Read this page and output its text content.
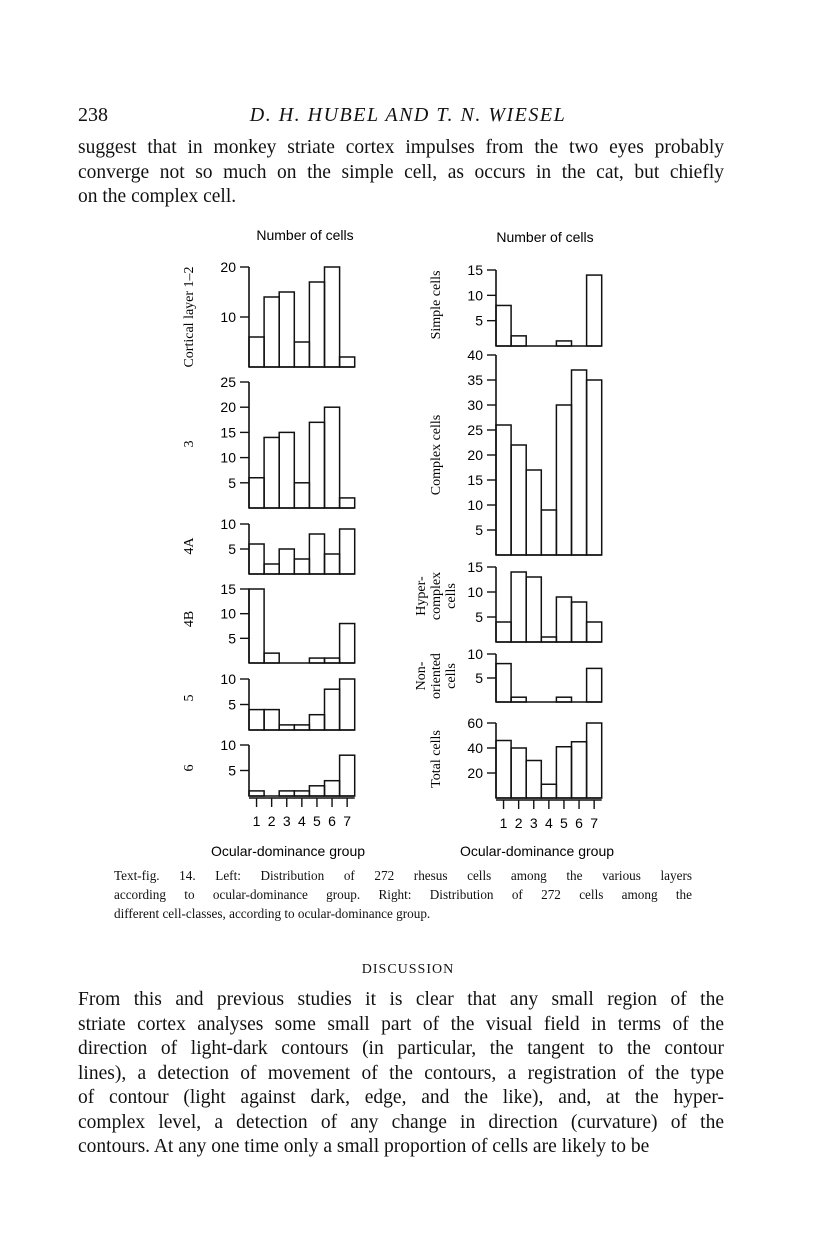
238	D. H. HUBEL AND T. N. WIESEL
suggest that in monkey striate cortex impulses from the two eyes probably
converge not so much on the simple cell, as occurs in the cat, but chiefly
on the complex cell.
Number of cells	Number of cells
Ocular-dominance group	Ocular-dominance group
10
20
Cortical layer 1–2
5
10
15
20
25
3
5
10
4A
5
10
15
4B
5
10
5
5
10
6
5
10
15
Simple cells
5
10
15
20
25
30
35
40
Complex cells
5
10
15
Hyper-complexcells
5
10
Non-orientedcells
20
40
60
Total cells
1 2 3 4 5 6 7	1 2 3 4 5 6 7
Text-fig. 14. Left: Distribution of 272 rhesus cells among the various layers
according to ocular-dominance group. Right: Distribution of 272 cells among the
different cell-classes, according to ocular-dominance group.
DISCUSSION
From this and previous studies it is clear that any small region of the
striate cortex analyses some small part of the visual field in terms of the
direction of light-dark contours (in particular, the tangent to the contour
lines), a detection of movement of the contours, a registration of the type
of contour (light against dark, edge, and the like), and, at the hyper-
complex level, a detection of any change in direction (curvature) of the
contours. At any one time only a small proportion of cells are likely to be
